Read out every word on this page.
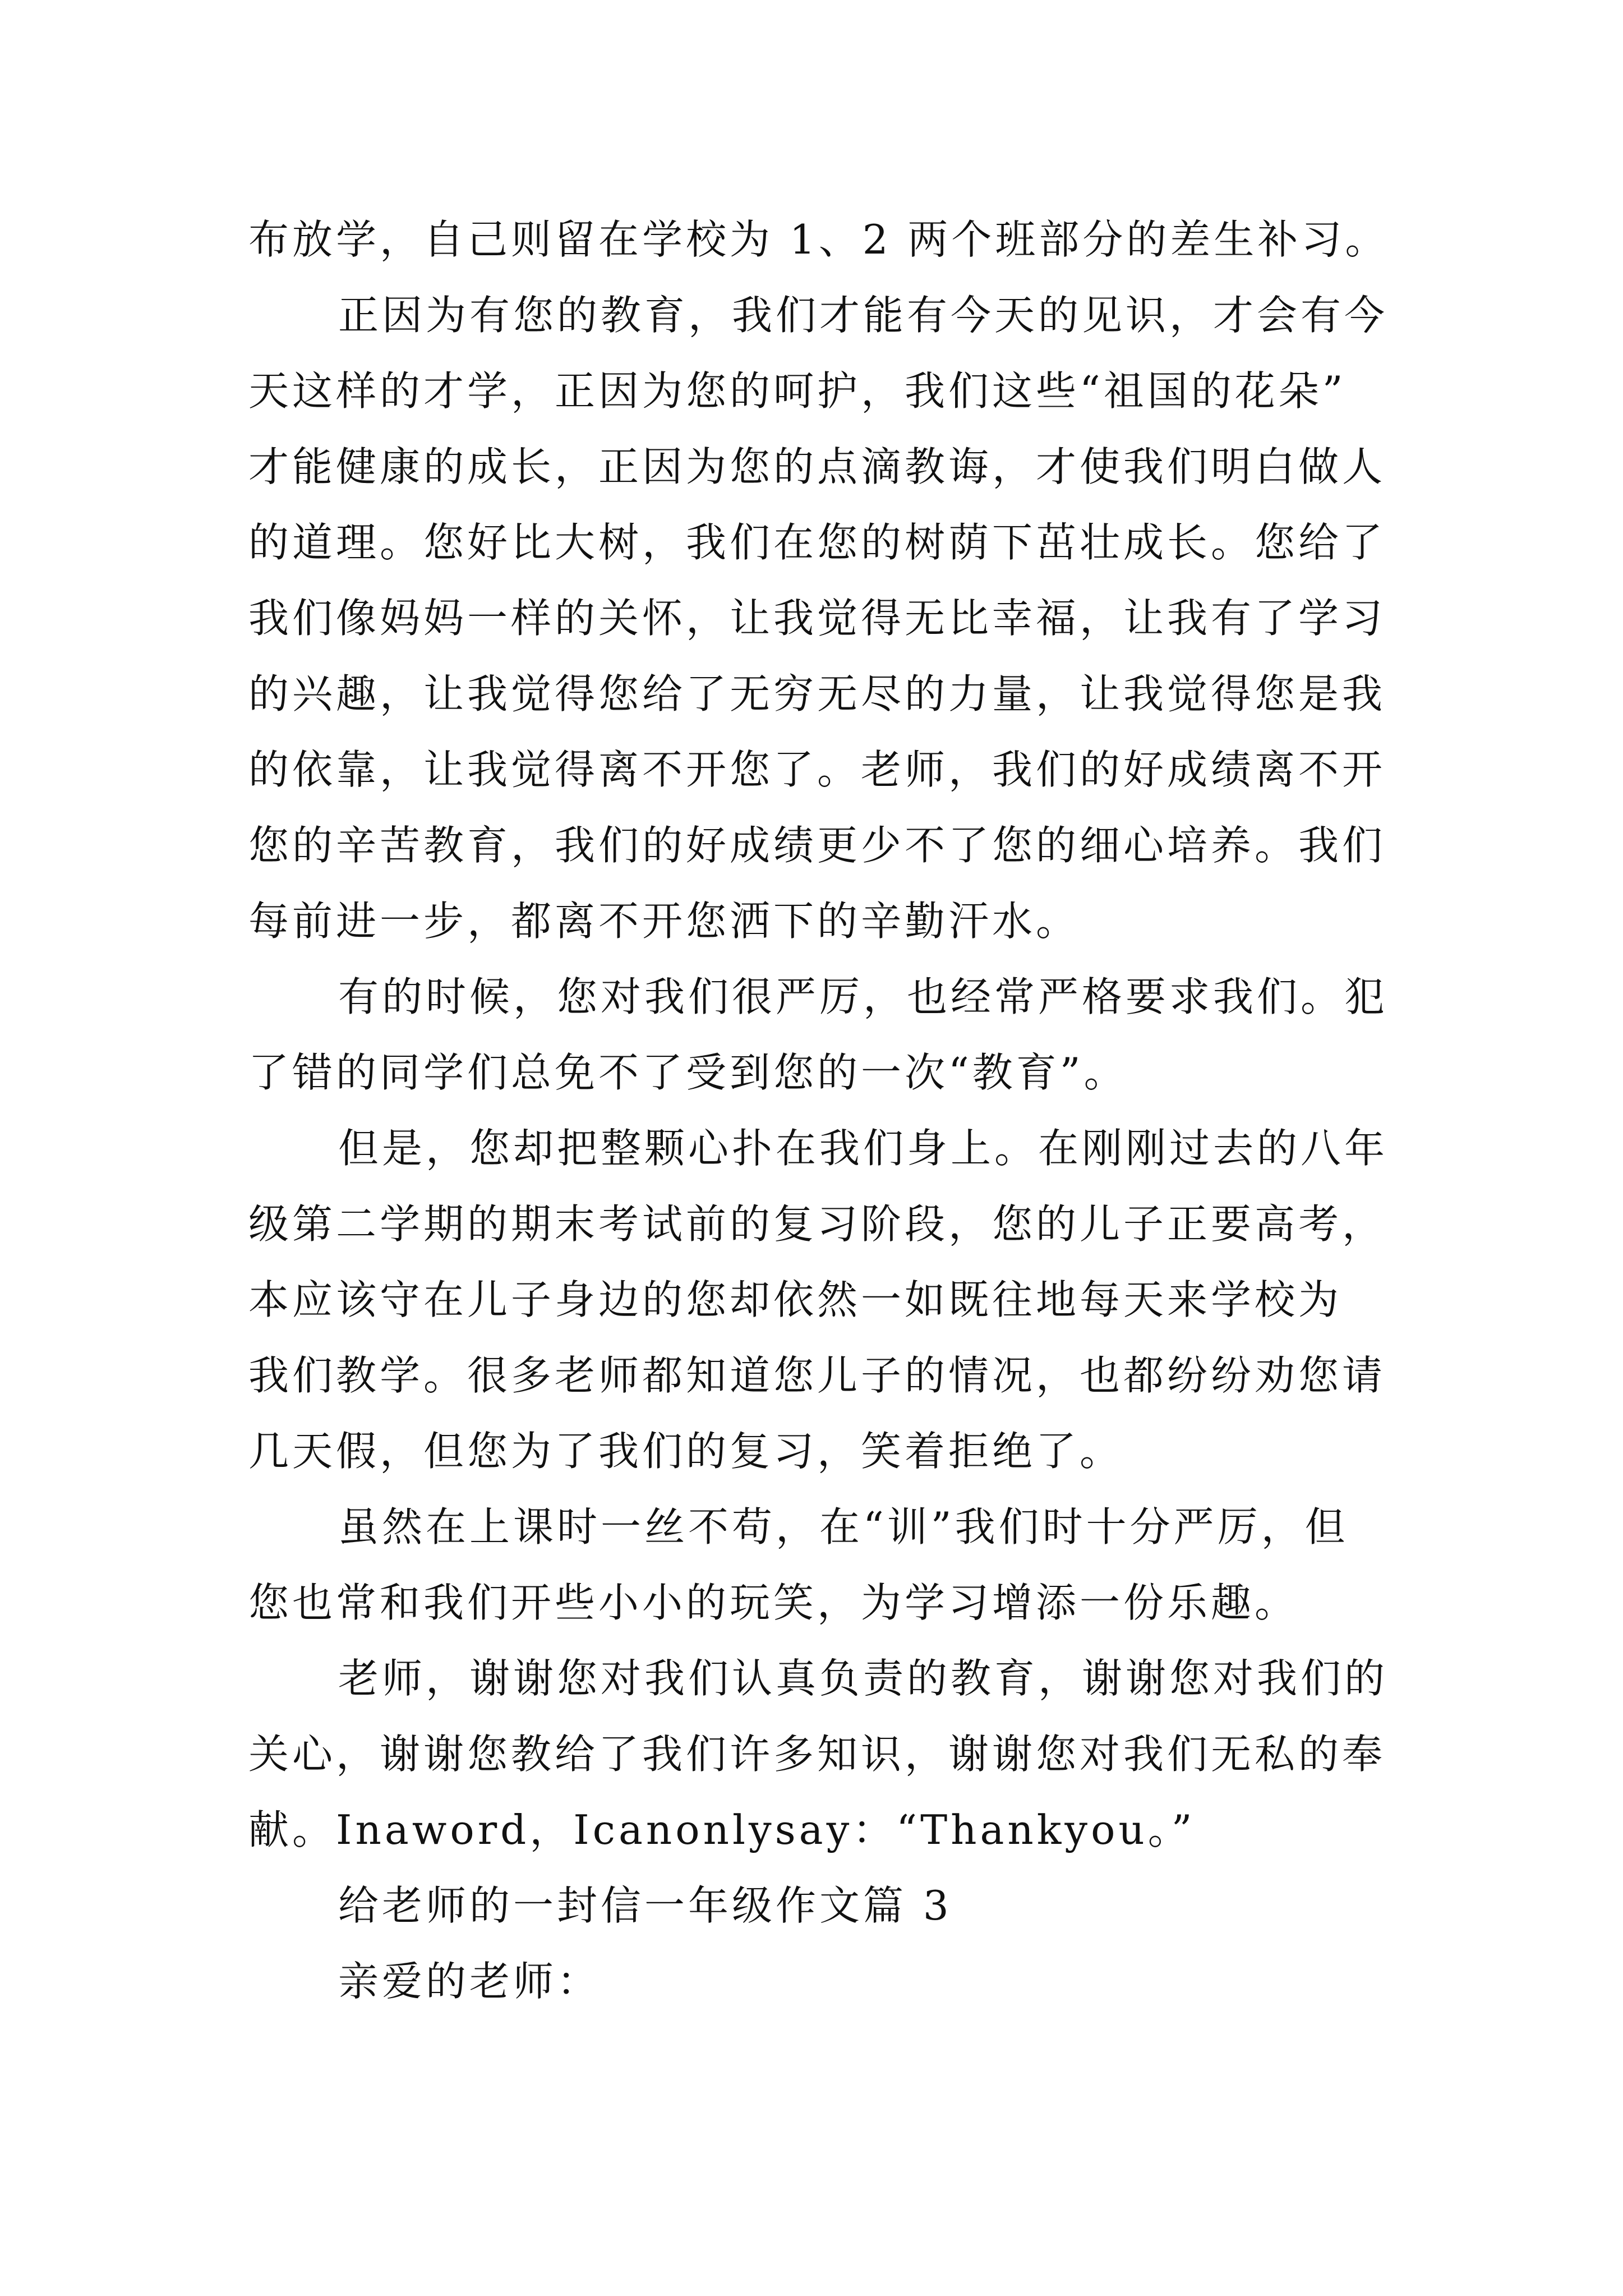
布放学，自己则留在学校为 1、2 两个班部分的差生补习。
正因为有您的教育，我们才能有今天的见识，才会有今
天这样的才学，正因为您的呵护，我们这些“祖国的花朵”
才能健康的成长，正因为您的点滴教诲，才使我们明白做人
的道理。您好比大树，我们在您的树荫下茁壮成长。您给了
我们像妈妈一样的关怀，让我觉得无比幸福，让我有了学习
的兴趣，让我觉得您给了无穷无尽的力量，让我觉得您是我
的依靠，让我觉得离不开您了。老师，我们的好成绩离不开
您的辛苦教育，我们的好成绩更少不了您的细心培养。我们
每前进一步，都离不开您洒下的辛勤汗水。
有的时候，您对我们很严厉，也经常严格要求我们。犯
了错的同学们总免不了受到您的一次“教育”。
但是，您却把整颗心扑在我们身上。在刚刚过去的八年
级第二学期的期末考试前的复习阶段，您的儿子正要高考，
本应该守在儿子身边的您却依然一如既往地每天来学校为
我们教学。很多老师都知道您儿子的情况，也都纷纷劝您请
几天假，但您为了我们的复习，笑着拒绝了。
虽然在上课时一丝不苟，在“训”我们时十分严厉，但
您也常和我们开些小小的玩笑，为学习增添一份乐趣。
老师，谢谢您对我们认真负责的教育，谢谢您对我们的
关心，谢谢您教给了我们许多知识，谢谢您对我们无私的奉
献。Inaword，Icanonlysay：“Thankyou。”
给老师的一封信一年级作文篇 3
亲爱的老师：
